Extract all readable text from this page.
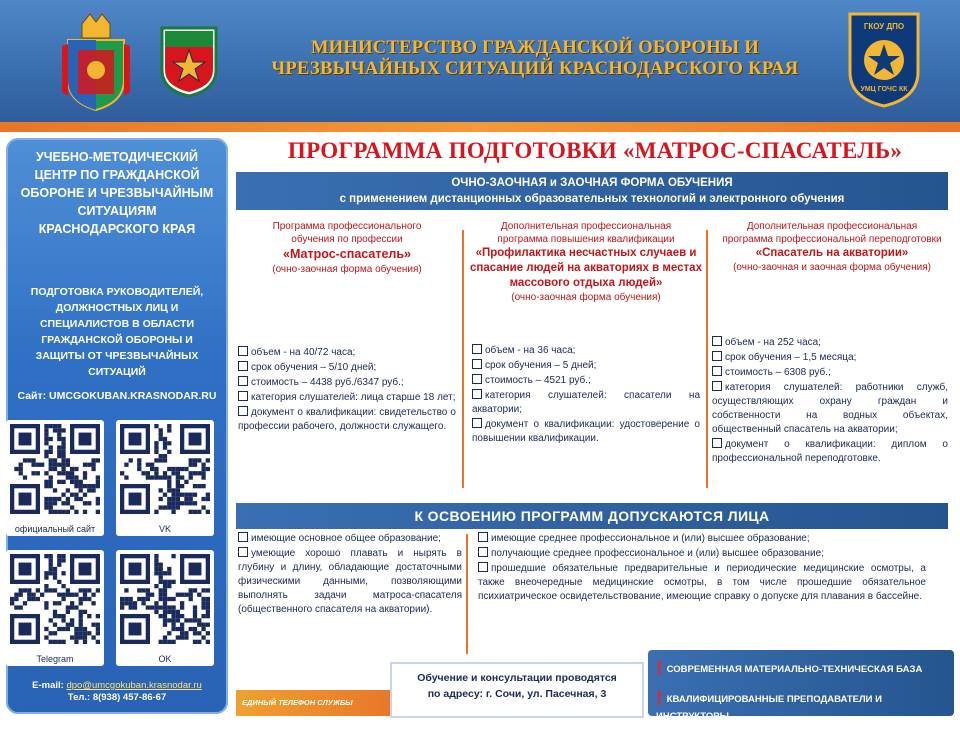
МИНИСТЕРСТВО ГРАЖДАНСКОЙ ОБОРОНЫ И
ЧРЕЗВЫЧАЙНЫХ СИТУАЦИЙ КРАСНОДАРСКОГО КРАЯ
ГКОУ ДПО
УМЦ ГОЧС КК
УЧЕБНО-МЕТОДИЧЕСКИЙ ЦЕНТР ПО ГРАЖДАНСКОЙ ОБОРОНЕ И ЧРЕЗВЫЧАЙНЫМ СИТУАЦИЯМ КРАСНОДАРСКОГО КРАЯ
ПОДГОТОВКА РУКОВОДИТЕЛЕЙ, ДОЛЖНОСТНЫХ ЛИЦ И СПЕЦИАЛИСТОВ В ОБЛАСТИ ГРАЖДАНСКОЙ ОБОРОНЫ И ЗАЩИТЫ ОТ ЧРЕЗВЫЧАЙНЫХ СИТУАЦИЙ
Сайт: UMCGOKUBAN.KRASNODAR.RU
официальный сайт	VK
Telegram	OK
E-mail: dpo@umcgokuban.krasnodar.ru
Тел.: 8(938) 457-86-67
ПРОГРАММА ПОДГОТОВКИ «МАТРОС-СПАСАТЕЛЬ»
ОЧНО-ЗАОЧНАЯ и ЗАОЧНАЯ ФОРМА ОБУЧЕНИЯ
с применением дистанционных образовательных технологий и электронного обучения
Программа профессионального
обучения по профессии
«Матрос-спасатель»
(очно-заочная форма обучения)
объем - на 40/72 часа;
срок обучения – 5/10 дней;
стоимость – 4438 руб./6347 руб.;
категория слушателей: лица старше 18 лет;
документ о квалификации: свидетельство о профессии рабочего, должности служащего.
Дополнительная профессиональная
программа повышения квалификации
«Профилактика несчастных случаев и спасание людей на акваториях в местах массового отдыха людей»
(очно-заочная форма обучения)
объем - на 36 часа;
срок обучения – 5 дней;
стоимость – 4521 руб.;
категория слушателей: спасатели на акватории;
документ о квалификации: удостоверение о повышении квалификации.
Дополнительная профессиональная
программа профессиональной переподготовки
«Спасатель на акватории»
(очно-заочная и заочная форма обучения)
объем - на 252 часа;
срок обучения – 1,5 месяца;
стоимость – 6308 руб.;
категория слушателей: работники служб, осуществляющих охрану граждан и собственности на водных объектах, общественный спасатель на акватории;
документ о квалификации: диплом о профессиональной переподготовке.
К ОСВОЕНИЮ ПРОГРАММ ДОПУСКАЮТСЯ ЛИЦА
имеющие основное общее образование;
умеющие хорошо плавать и нырять в глубину и длину, обладающие достаточными физическими данными, позволяющими выполнять задачи матроса-спасателя (общественного спасателя на акватории).
имеющие среднее профессиональное и (или) высшее образование;
получающие среднее профессиональное и (или) высшее образование;
прошедшие обязательные предварительные и периодические медицинские осмотры, а также внеочередные медицинские осмотры, в том числе прошедшие обязательное психиатрическое освидетельствование, имеющие справку о допуске для плавания в бассейне.
ЕДИНЫЙ ТЕЛЕФОН СЛУЖБЫ СПАСЕНИЯ 112
Обучение и консультации проводятся
по адресу: г. Сочи, ул. Пасечная, 3
! СОВРЕМЕННАЯ МАТЕРИАЛЬНО-ТЕХНИЧЕСКАЯ БАЗА
! КВАЛИФИЦИРОВАННЫЕ ПРЕПОДАВАТЕЛИ И ИНСТРУКТОРЫ
